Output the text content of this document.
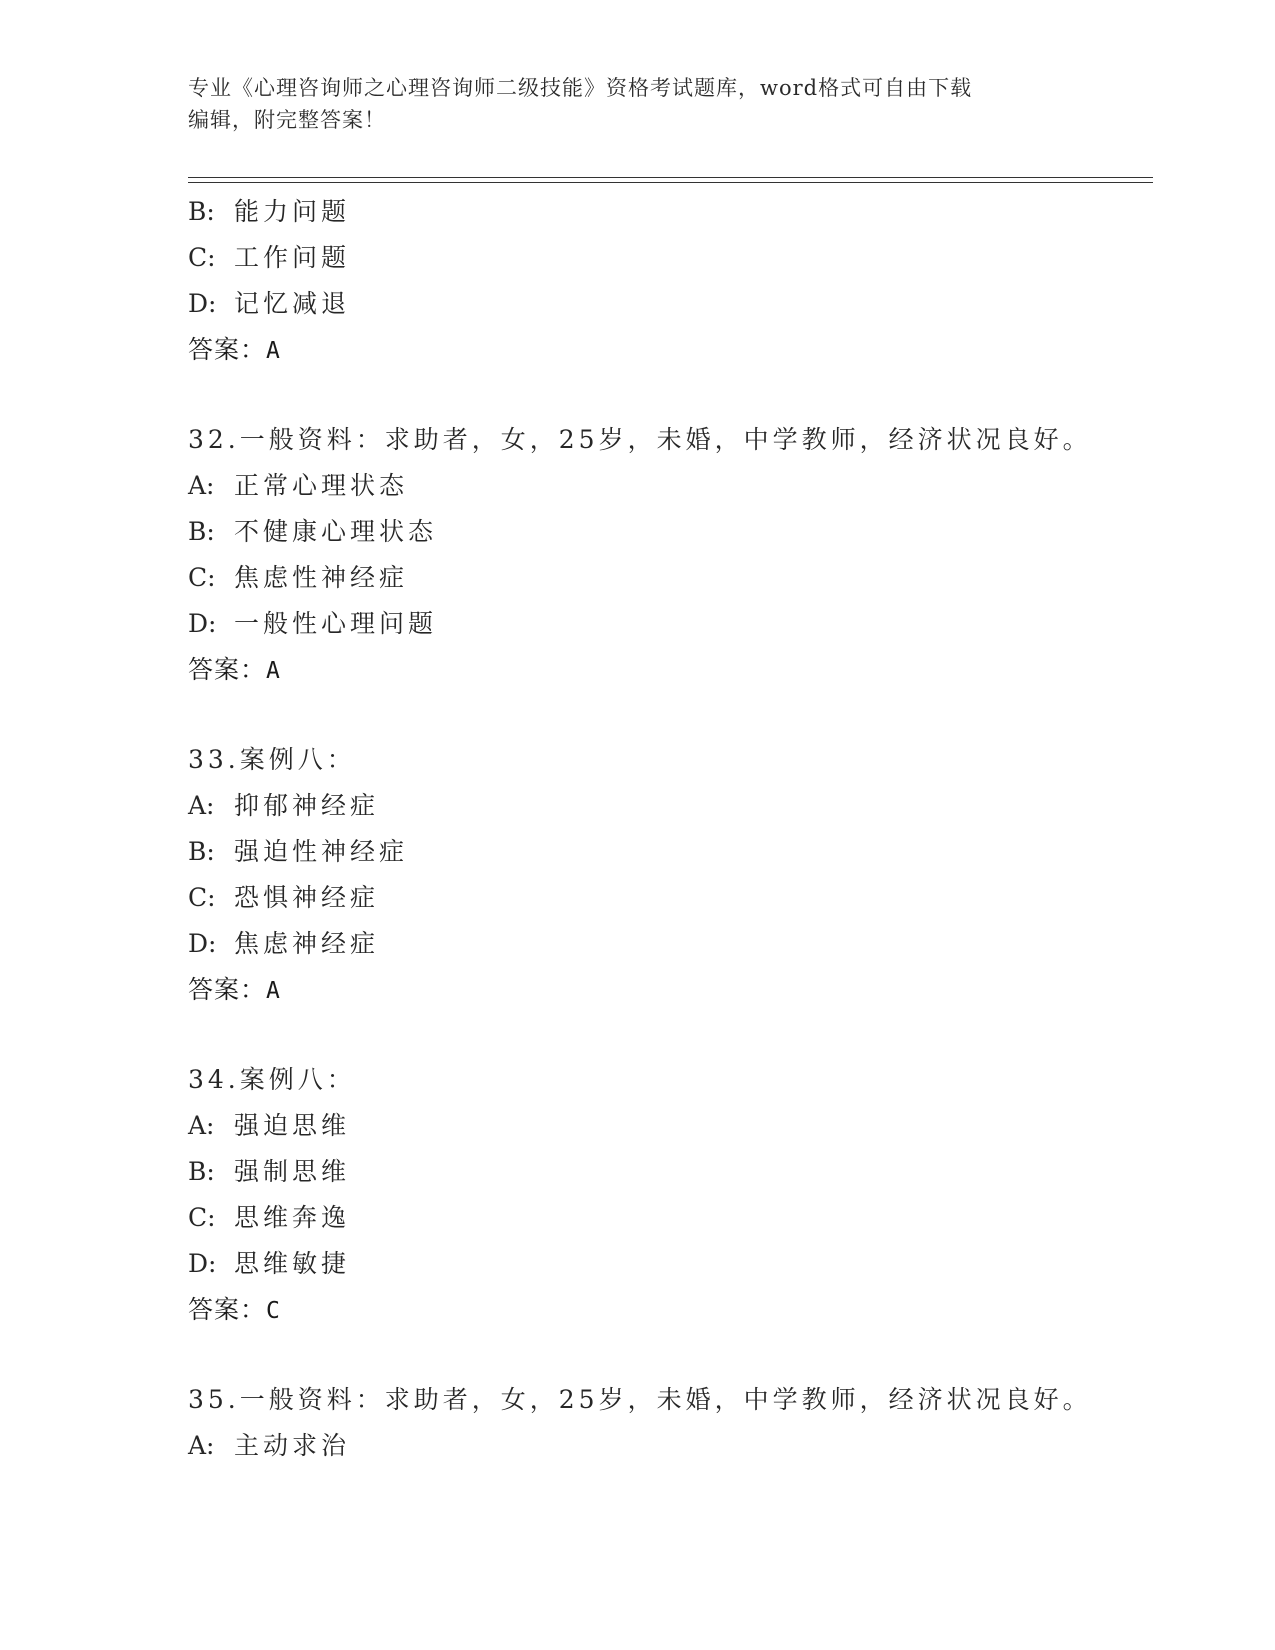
专业《心理咨询师之心理咨询师二级技能》资格考试题库，word格式可自由下载
编辑，附完整答案！
B: 能力问题
C: 工作问题
D: 记忆减退
答案：A
32.一般资料：求助者，女，25岁，未婚，中学教师，经济状况良好。
A: 正常心理状态
B: 不健康心理状态
C: 焦虑性神经症
D: 一般性心理问题
答案：A
33.案例八：
A: 抑郁神经症
B: 强迫性神经症
C: 恐惧神经症
D: 焦虑神经症
答案：A
34.案例八：
A: 强迫思维
B: 强制思维
C: 思维奔逸
D: 思维敏捷
答案：C
35.一般资料：求助者，女，25岁，未婚，中学教师，经济状况良好。
A: 主动求治
